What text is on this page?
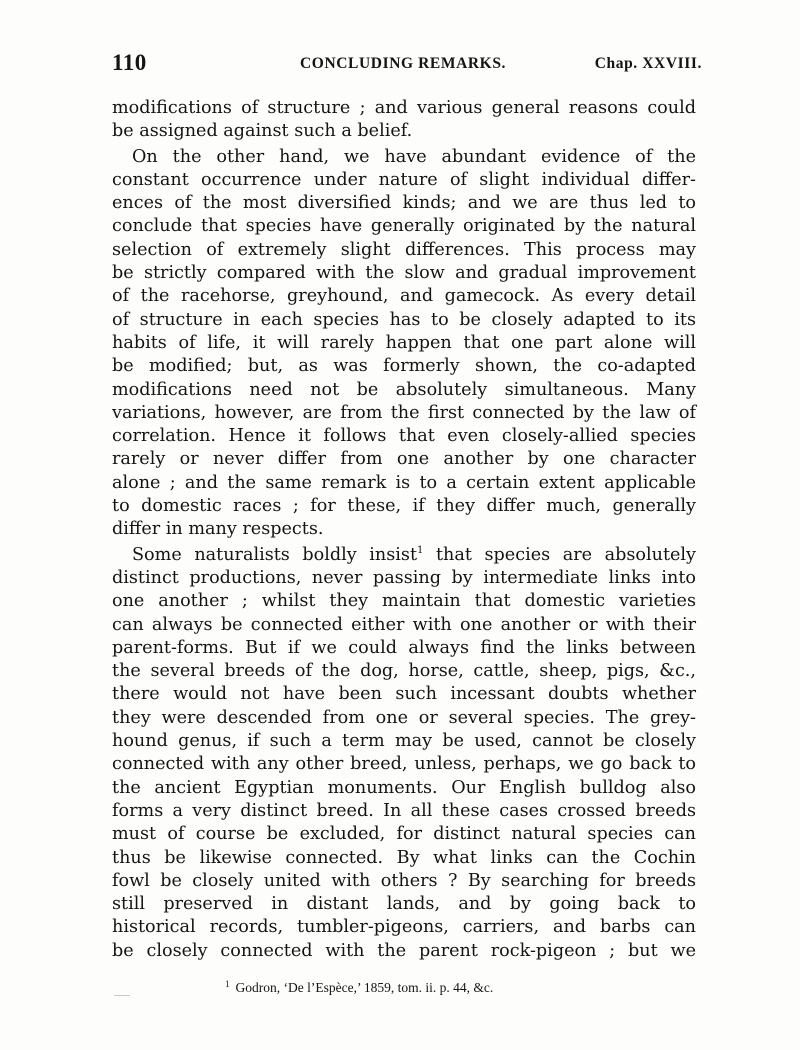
110	CONCLUDING REMARKS.	Chap. XXVIII.
modifications of structure ; and various general reasons could
be assigned against such a belief.
On the other hand, we have abundant evidence of the
constant occurrence under nature of slight individual differ-
ences of the most diversified kinds; and we are thus led to
conclude that species have generally originated by the natural
selection of extremely slight differences. This process may
be strictly compared with the slow and gradual improvement
of the racehorse, greyhound, and gamecock. As every detail
of structure in each species has to be closely adapted to its
habits of life, it will rarely happen that one part alone will
be modified; but, as was formerly shown, the co-adapted
modifications need not be absolutely simultaneous. Many
variations, however, are from the first connected by the law of
correlation. Hence it follows that even closely-allied species
rarely or never differ from one another by one character
alone ; and the same remark is to a certain extent applicable
to domestic races ; for these, if they differ much, generally
differ in many respects.
Some naturalists boldly insist$^1$ that species are absolutely
distinct productions, never passing by intermediate links into
one another ; whilst they maintain that domestic varieties
can always be connected either with one another or with their
parent-forms. But if we could always find the links between
the several breeds of the dog, horse, cattle, sheep, pigs, &c.,
there would not have been such incessant doubts whether
they were descended from one or several species. The grey-
hound genus, if such a term may be used, cannot be closely
connected with any other breed, unless, perhaps, we go back to
the ancient Egyptian monuments. Our English bulldog also
forms a very distinct breed. In all these cases crossed breeds
must of course be excluded, for distinct natural species can
thus be likewise connected. By what links can the Cochin
fowl be closely united with others ? By searching for breeds
still preserved in distant lands, and by going back to
historical records, tumbler-pigeons, carriers, and barbs can
be closely connected with the parent rock-pigeon ; but we
$^1$ Godron, ‘De l’Espèce,’ 1859, tom. ii. p. 44, &c.
